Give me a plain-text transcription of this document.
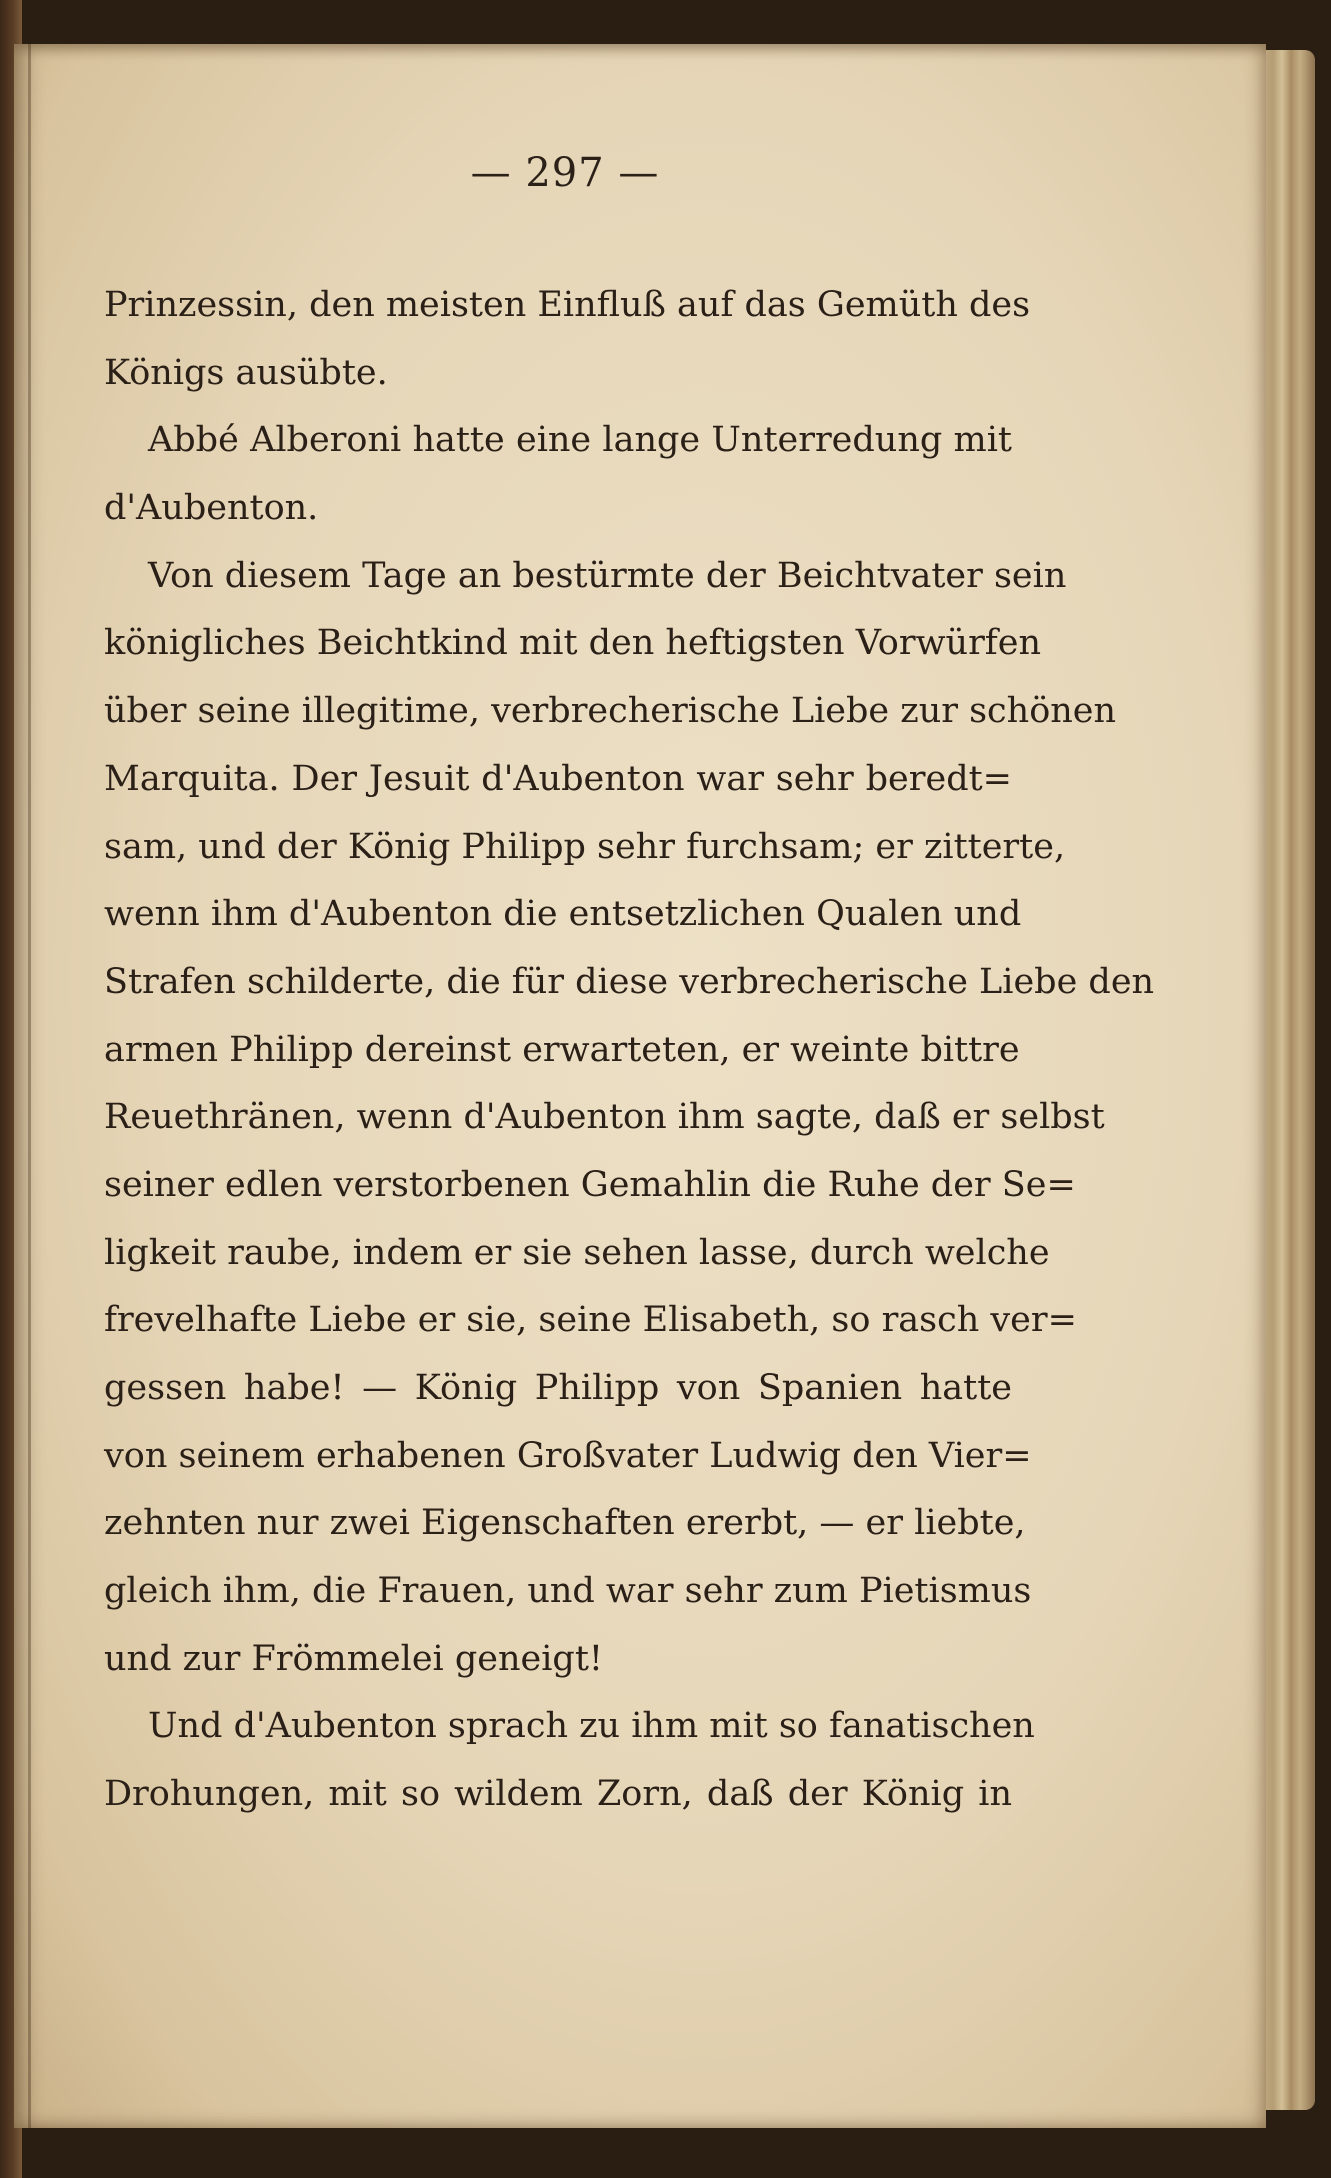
— 297 —
Prinzessin, den meisten Einfluß auf das Gemüth des
Königs ausübte.
Abbé Alberoni hatte eine lange Unterredung mit
d'Aubenton.
Von diesem Tage an bestürmte der Beichtvater sein
königliches Beichtkind mit den heftigsten Vorwürfen
über seine illegitime, verbrecherische Liebe zur schönen
Marquita. Der Jesuit d'Aubenton war sehr beredt=
sam, und der König Philipp sehr furchsam; er zitterte,
wenn ihm d'Aubenton die entsetzlichen Qualen und
Strafen schilderte, die für diese verbrecherische Liebe den
armen Philipp dereinst erwarteten, er weinte bittre
Reuethränen, wenn d'Aubenton ihm sagte, daß er selbst
seiner edlen verstorbenen Gemahlin die Ruhe der Se=
ligkeit raube, indem er sie sehen lasse, durch welche
frevelhafte Liebe er sie, seine Elisabeth, so rasch ver=
gessen habe! — König Philipp von Spanien hatte
von seinem erhabenen Großvater Ludwig den Vier=
zehnten nur zwei Eigenschaften ererbt, — er liebte,
gleich ihm, die Frauen, und war sehr zum Pietismus
und zur Frömmelei geneigt!
Und d'Aubenton sprach zu ihm mit so fanatischen
Drohungen, mit so wildem Zorn, daß der König in
